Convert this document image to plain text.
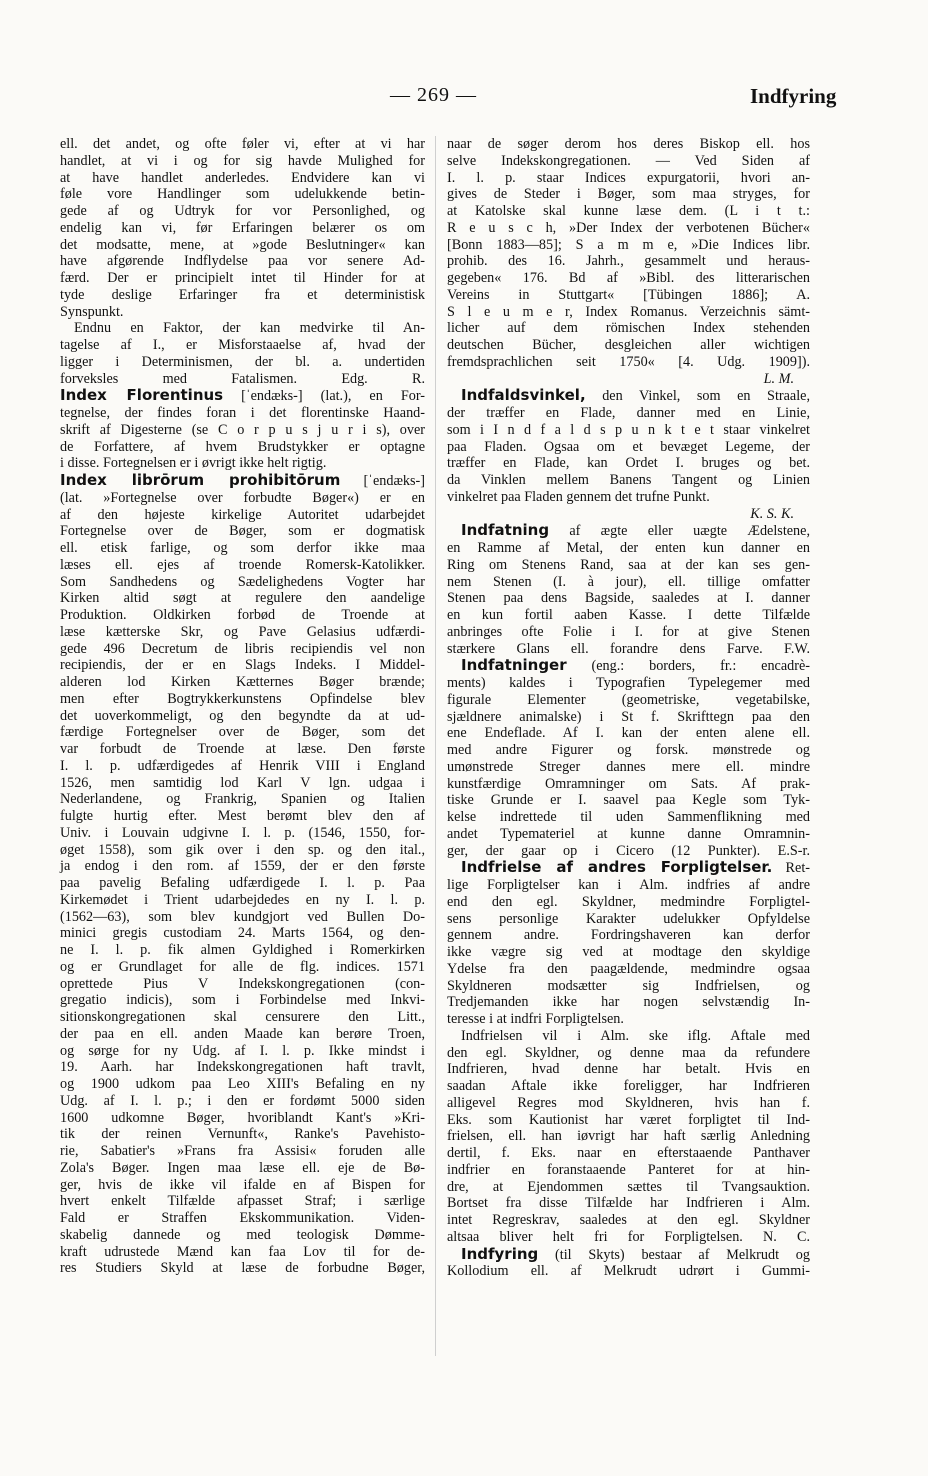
— 269 —	Indfyring
ell. det andet, og ofte føler vi, efter at vi har
handlet, at vi i og for sig havde Mulighed for
at have handlet anderledes. Endvidere kan vi
føle vore Handlinger som udelukkende betin-
gede af og Udtryk for vor Personlighed, og
endelig kan vi, før Erfaringen belærer os om
det modsatte, mene, at »gode Beslutninger« kan
have afgørende Indflydelse paa vor senere Ad-
færd. Der er principielt intet til Hinder for at
tyde deslige Erfaringer fra et deterministisk
Synspunkt.
Endnu en Faktor, der kan medvirke til An-
tagelse af I., er Misforstaaelse af, hvad der
ligger i Determinismen, der bl. a. undertiden
forveksles med Fatalismen. Edg. R.
Index Florentinus [ˈendæks-] (lat.), en For-
tegnelse, der findes foran i det florentinske Haand-
skrift af Digesterne (se C o r p u s j u r i s), over
de Forfattere, af hvem Brudstykker er optagne
i disse. Fortegnelsen er i øvrigt ikke helt rigtig.
Index librōrum prohibitōrum [ˈendæks-]
(lat. »Fortegnelse over forbudte Bøger«) er en
af den højeste kirkelige Autoritet udarbejdet
Fortegnelse over de Bøger, som er dogmatisk
ell. etisk farlige, og som derfor ikke maa
læses ell. ejes af troende Romersk-Katolikker.
Som Sandhedens og Sædelighedens Vogter har
Kirken altid søgt at regulere den aandelige
Produktion. Oldkirken forbød de Troende at
læse kætterske Skr, og Pave Gelasius udfærdi-
gede 496 Decretum de libris recipiendis vel non
recipiendis, der er en Slags Indeks. I Middel-
alderen lod Kirken Kætternes Bøger brænde;
men efter Bogtrykkerkunstens Opfindelse blev
det uoverkommeligt, og den begyndte da at ud-
færdige Fortegnelser over de Bøger, som det
var forbudt de Troende at læse. Den første
I. l. p. udfærdigedes af Henrik VIII i England
1526, men samtidig lod Karl V lgn. udgaa i
Nederlandene, og Frankrig, Spanien og Italien
fulgte hurtig efter. Mest berømt blev den af
Univ. i Louvain udgivne I. l. p. (1546, 1550, for-
øget 1558), som gik over i den sp. og den ital.,
ja endog i den rom. af 1559, der er den første
paa pavelig Befaling udfærdigede I. l. p. Paa
Kirkemødet i Trient udarbejdedes en ny I. l. p.
(1562—63), som blev kundgjort ved Bullen Do-
minici gregis custodiam 24. Marts 1564, og den-
ne I. l. p. fik almen Gyldighed i Romerkirken
og er Grundlaget for alle de flg. indices. 1571
oprettede Pius V Indekskongregationen (con-
gregatio indicis), som i Forbindelse med Inkvi-
sitionskongregationen skal censurere den Litt.,
der paa en ell. anden Maade kan berøre Troen,
og sørge for ny Udg. af I. l. p. Ikke mindst i
19. Aarh. har Indekskongregationen haft travlt,
og 1900 udkom paa Leo XIII's Befaling en ny
Udg. af I. l. p.; i den er fordømt 5000 siden
1600 udkomne Bøger, hvoriblandt Kant's »Kri-
tik der reinen Vernunft«, Ranke's Pavehisto-
rie, Sabatier's »Frans fra Assisi« foruden alle
Zola's Bøger. Ingen maa læse ell. eje de Bø-
ger, hvis de ikke vil ifalde en af Bispen for
hvert enkelt Tilfælde afpasset Straf; i særlige
Fald er Straffen Ekskommunikation. Viden-
skabelig dannede og med teologisk Dømme-
kraft udrustede Mænd kan faa Lov til for de-
res Studiers Skyld at læse de forbudne Bøger,
naar de søger derom hos deres Biskop ell. hos
selve Indekskongregationen. — Ved Siden af
I. l. p. staar Indices expurgatorii, hvori an-
gives de Steder i Bøger, som maa stryges, for
at Katolske skal kunne læse dem. (L i t t.:
R e u s c h, »Der Index der verbotenen Bücher«
[Bonn 1883—85]; S a m m e, »Die Indices libr.
prohib. des 16. Jahrh., gesammelt und heraus-
gegeben« 176. Bd af »Bibl. des litterarischen
Vereins in Stuttgart« [Tübingen 1886]; A.
S l e u m e r, Index Romanus. Verzeichnis sämt-
licher auf dem römischen Index stehenden
deutschen Bücher, desgleichen aller wichtigen
fremdsprachlichen seit 1750« [4. Udg. 1909]).
L. M.
Indfaldsvinkel, den Vinkel, som en Straale,
der træffer en Flade, danner med en Linie,
som i I n d f a l d s p u n k t e t staar vinkelret
paa Fladen. Ogsaa om et bevæget Legeme, der
træffer en Flade, kan Ordet I. bruges og bet.
da Vinklen mellem Banens Tangent og Linien
vinkelret paa Fladen gennem det trufne Punkt.
K. S. K.
Indfatning af ægte eller uægte Ædelstene,
en Ramme af Metal, der enten kun danner en
Ring om Stenens Rand, saa at der kan ses gen-
nem Stenen (I. à jour), ell. tillige omfatter
Stenen paa dens Bagside, saaledes at I. danner
en kun fortil aaben Kasse. I dette Tilfælde
anbringes ofte Folie i I. for at give Stenen
stærkere Glans ell. forandre dens Farve. F.W.
Indfatninger (eng.: borders, fr.: encadrè-
ments) kaldes i Typografien Typelegemer med
figurale Elementer (geometriske, vegetabilske,
sjældnere animalske) i St f. Skrifttegn paa den
ene Endeflade. Af I. kan der enten alene ell.
med andre Figurer og forsk. mønstrede og
umønstrede Streger dannes mere ell. mindre
kunstfærdige Omramninger om Sats. Af prak-
tiske Grunde er I. saavel paa Kegle som Tyk-
kelse indrettede til uden Sammenflikning med
andet Typemateriel at kunne danne Omramnin-
ger, der gaar op i Cicero (12 Punkter). E.S-r.
Indfrielse af andres Forpligtelser. Ret-
lige Forpligtelser kan i Alm. indfries af andre
end den egl. Skyldner, medmindre Forpligtel-
sens personlige Karakter udelukker Opfyldelse
gennem andre. Fordringshaveren kan derfor
ikke vægre sig ved at modtage den skyldige
Ydelse fra den paagældende, medmindre ogsaa
Skyldneren modsætter sig Indfrielsen, og
Tredjemanden ikke har nogen selvstændig In-
teresse i at indfri Forpligtelsen.
Indfrielsen vil i Alm. ske iflg. Aftale med
den egl. Skyldner, og denne maa da refundere
Indfrieren, hvad denne har betalt. Hvis en
saadan Aftale ikke foreligger, har Indfrieren
alligevel Regres mod Skyldneren, hvis han f.
Eks. som Kautionist har været forpligtet til Ind-
frielsen, ell. han iøvrigt har haft særlig Anledning
dertil, f. Eks. naar en efterstaaende Panthaver
indfrier en foranstaaende Panteret for at hin-
dre, at Ejendommen sættes til Tvangsauktion.
Bortset fra disse Tilfælde har Indfrieren i Alm.
intet Regreskrav, saaledes at den egl. Skyldner
altsaa bliver helt fri for Forpligtelsen. N. C.
Indfyring (til Skyts) bestaar af Melkrudt og
Kollodium ell. af Melkrudt udrørt i Gummi-
